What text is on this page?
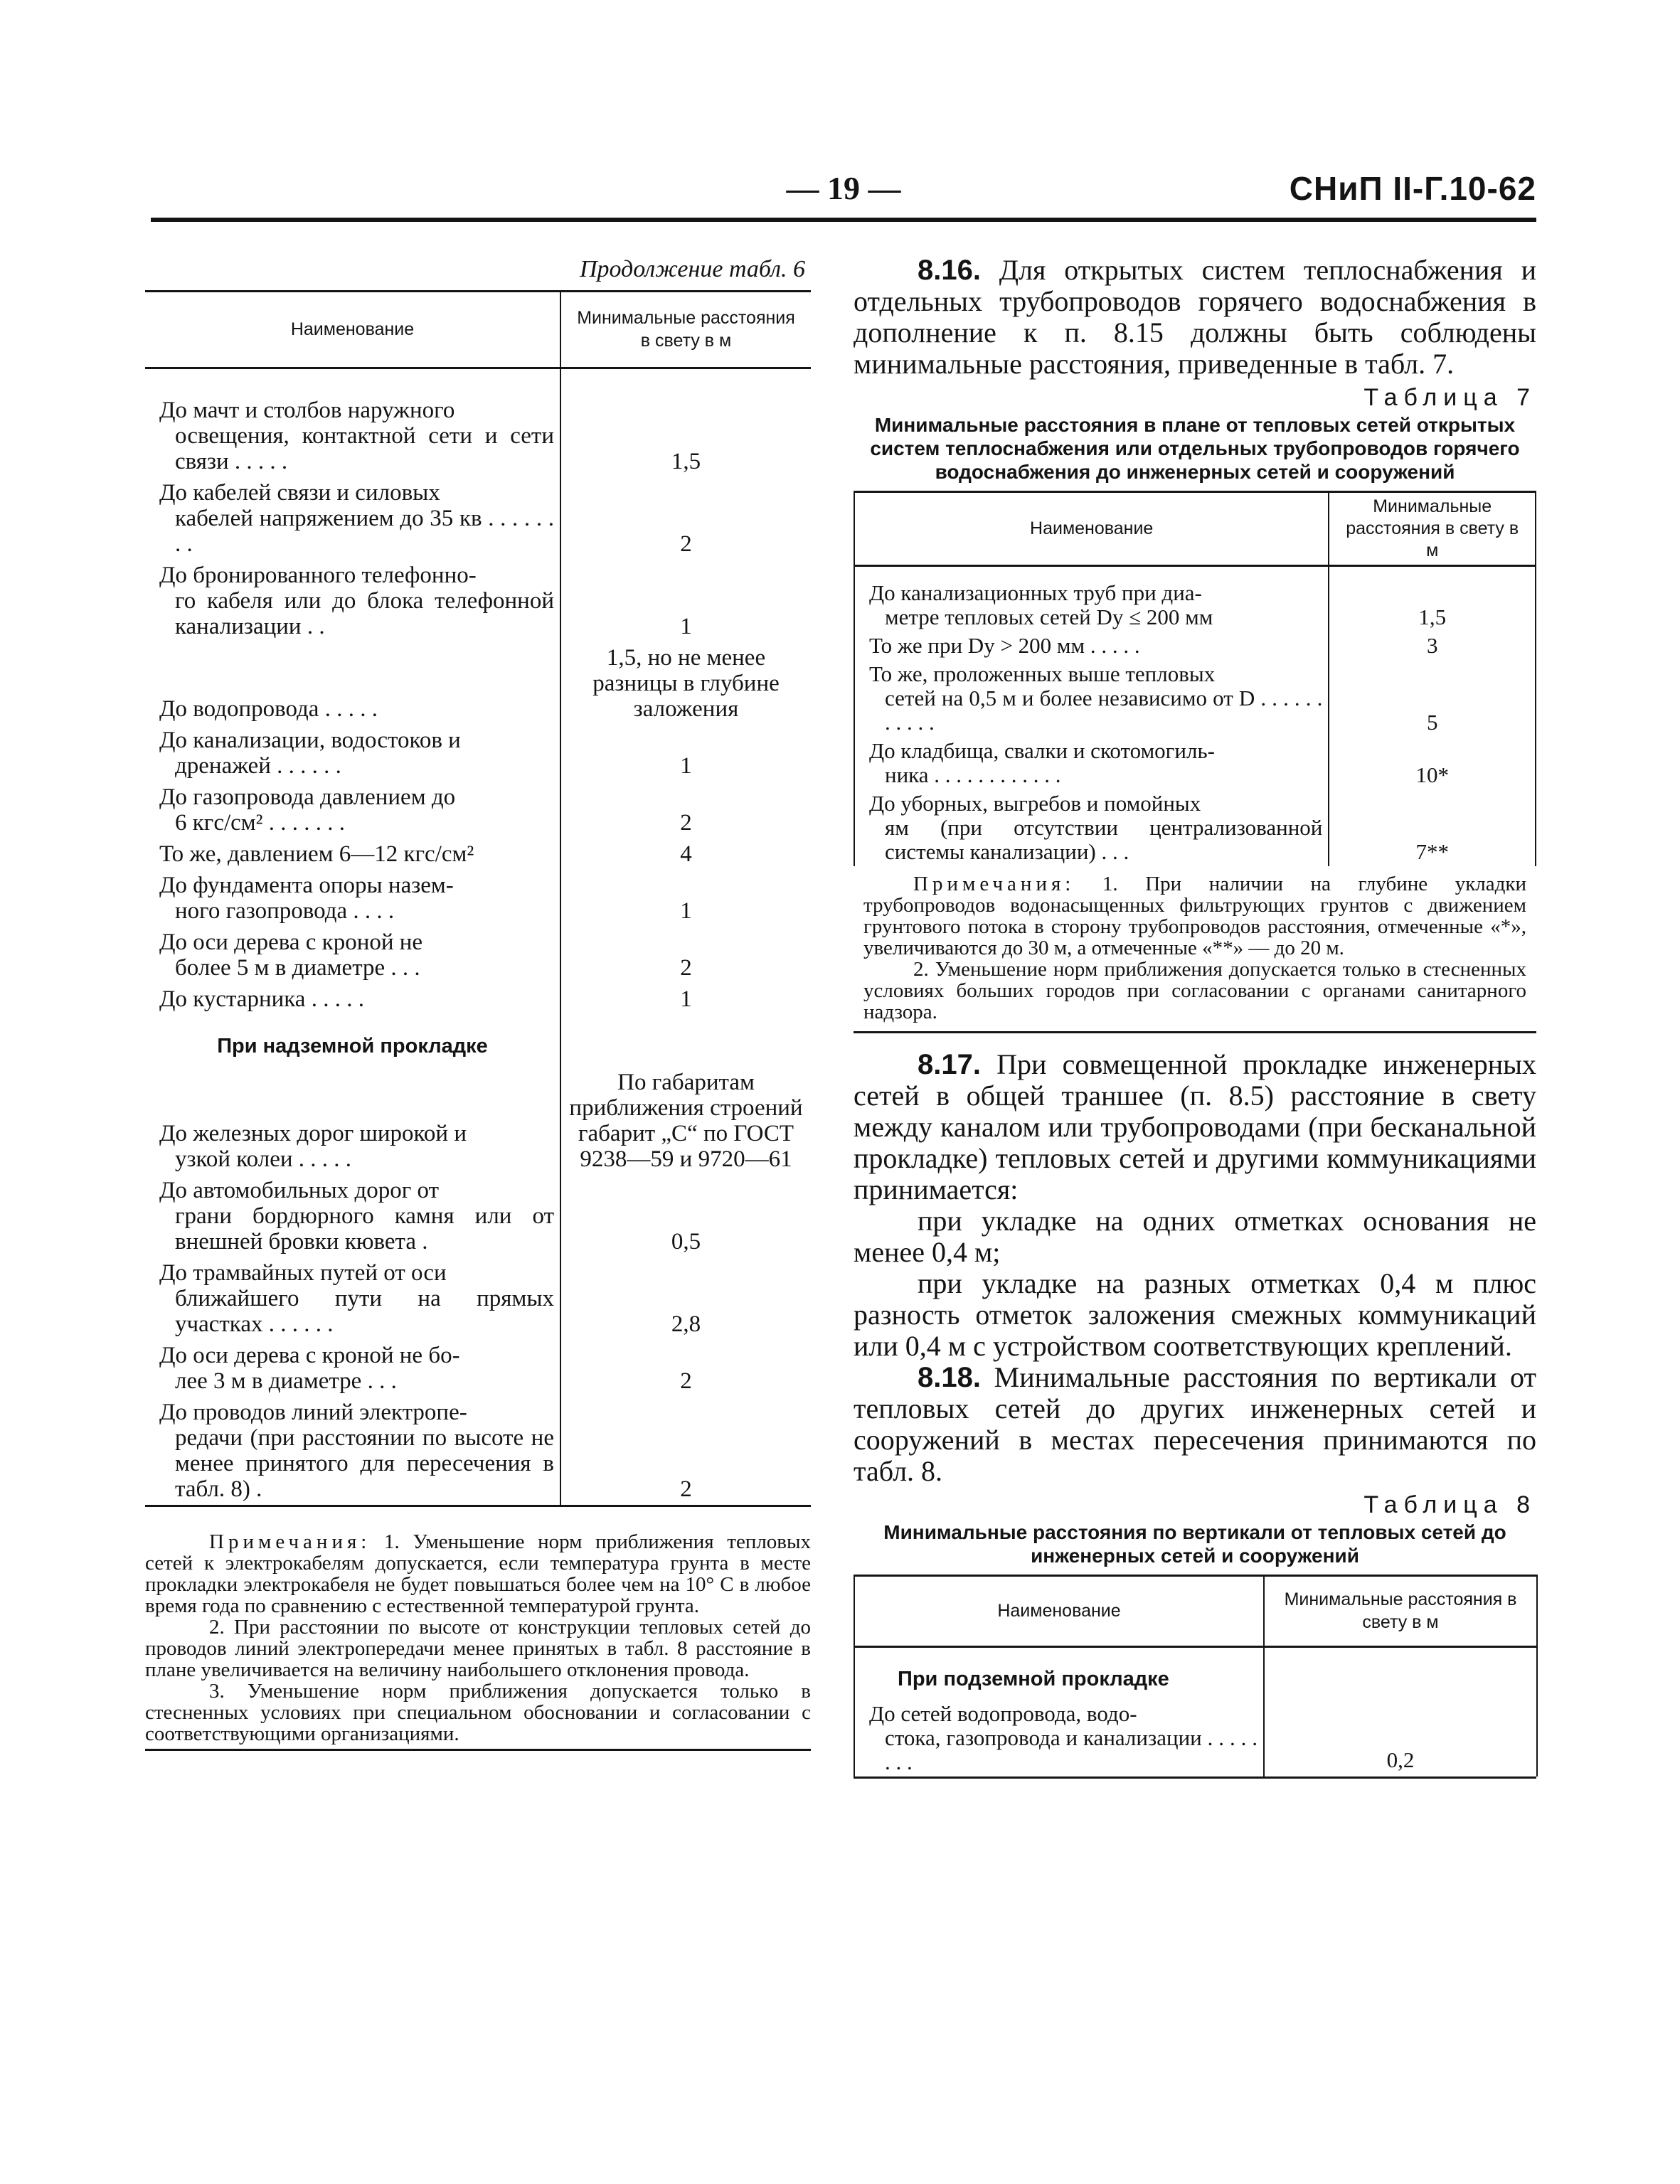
— 19 —	СНиП II-Г.10-62
Продолжение табл. 6
Наименование	Минимальные расстояния в свету в м

До мачт и столбов наружного
освещения, контактной сети и сети связи . . . . .	1,5

До кабелей связи и силовых
кабелей напряжением до 35 кв . . . . . . . .	2

До бронированного телефонно-
го кабеля или до блока телефонной канализации . .	1

До водопровода . . . . .	1,5, но не менее разницы в глубине заложения

До канализации, водостоков и
дренажей . . . . . .	1

До газопровода давлением до
6 кгс/см² . . . . . . .	2

То же, давлением 6—12 кгс/см²	4

До фундамента опоры назем-
ного газопровода . . . .	1

До оси дерева с кроной не
более 5 м в диаметре . . .	2

До кустарника . . . . .	1
При надземной прокладке	

До железных дорог широкой и
узкой колеи . . . . .	По габаритам приближения строений габарит „С“ по ГОСТ 9238—59 и 9720—61

До автомобильных дорог от
грани бордюрного камня или от внешней бровки кювета .	0,5

До трамвайных путей от оси
ближайшего пути на прямых участках . . . . . .	2,8

До оси дерева с кроной не бо-
лее 3 м в диаметре . . .	2

До проводов линий электропе-
редачи (при расстоянии по высоте не менее принятого для пересечения в табл. 8) .	2

Примечания: 1. Уменьшение норм приближения тепловых сетей к электрокабелям допускается, если температура грунта в месте прокладки электрокабеля не будет повышаться более чем на 10° С в любое время года по сравнению с естественной температурой грунта.

2. При расстоянии по высоте от конструкции тепловых сетей до проводов линий электропередачи менее принятых в табл. 8 расстояние в плане увеличивается на величину наибольшего отклонения провода.

3. Уменьшение норм приближения допускается только в стесненных условиях при специальном обосновании и согласовании с соответствующими организациями.

8.16. Для открытых систем теплоснабжения и отдельных трубопроводов горячего водоснабжения в дополнение к п. 8.15 должны быть соблюдены минимальные расстояния, приведенные в табл. 7.

Таблица 7
Минимальные расстояния в плане от тепловых сетей открытых систем теплоснабжения или отдельных трубопроводов горячего водоснабжения до инженерных сетей и сооружений
Наименование	Минимальные расстояния в свету в м

До канализационных труб при диа-
метре тепловых сетей Dу ≤ 200 мм	1,5

То же при Dу > 200 мм . . . . .	3

То же, проложенных выше тепловых
сетей на 0,5 м и более независимо от D . . . . . . . . . . .	5

До кладбища, свалки и скотомогиль-
ника . . . . . . . . . . . .	10*

До уборных, выгребов и помойных
ям (при отсутствии централизованной системы канализации) . . .	7**

Примечания: 1. При наличии на глубине укладки трубопроводов водонасыщенных фильтрующих грунтов с движением грунтового потока в сторону трубопроводов расстояния, отмеченные «*», увеличиваются до 30 м, а отмеченные «**» — до 20 м.

2. Уменьшение норм приближения допускается только в стесненных условиях больших городов при согласовании с органами санитарного надзора.

8.17. При совмещенной прокладке инженерных сетей в общей траншее (п. 8.5) расстояние в свету между каналом или трубопроводами (при бесканальной прокладке) тепловых сетей и другими коммуникациями принимается:

при укладке на одних отметках основания не менее 0,4 м;

при укладке на разных отметках 0,4 м плюс разность отметок заложения смежных коммуникаций или 0,4 м с устройством соответствующих креплений.

8.18. Минимальные расстояния по вертикали от тепловых сетей до других инженерных сетей и сооружений в местах пересечения принимаются по табл. 8.

Таблица 8
Минимальные расстояния по вертикали от тепловых сетей до инженерных сетей и сооружений
Наименование	Минимальные расстояния в свету в м
При подземной прокладке	

До сетей водопровода, водо-
стока, газопровода и канализации . . . . . . . .	0,2
